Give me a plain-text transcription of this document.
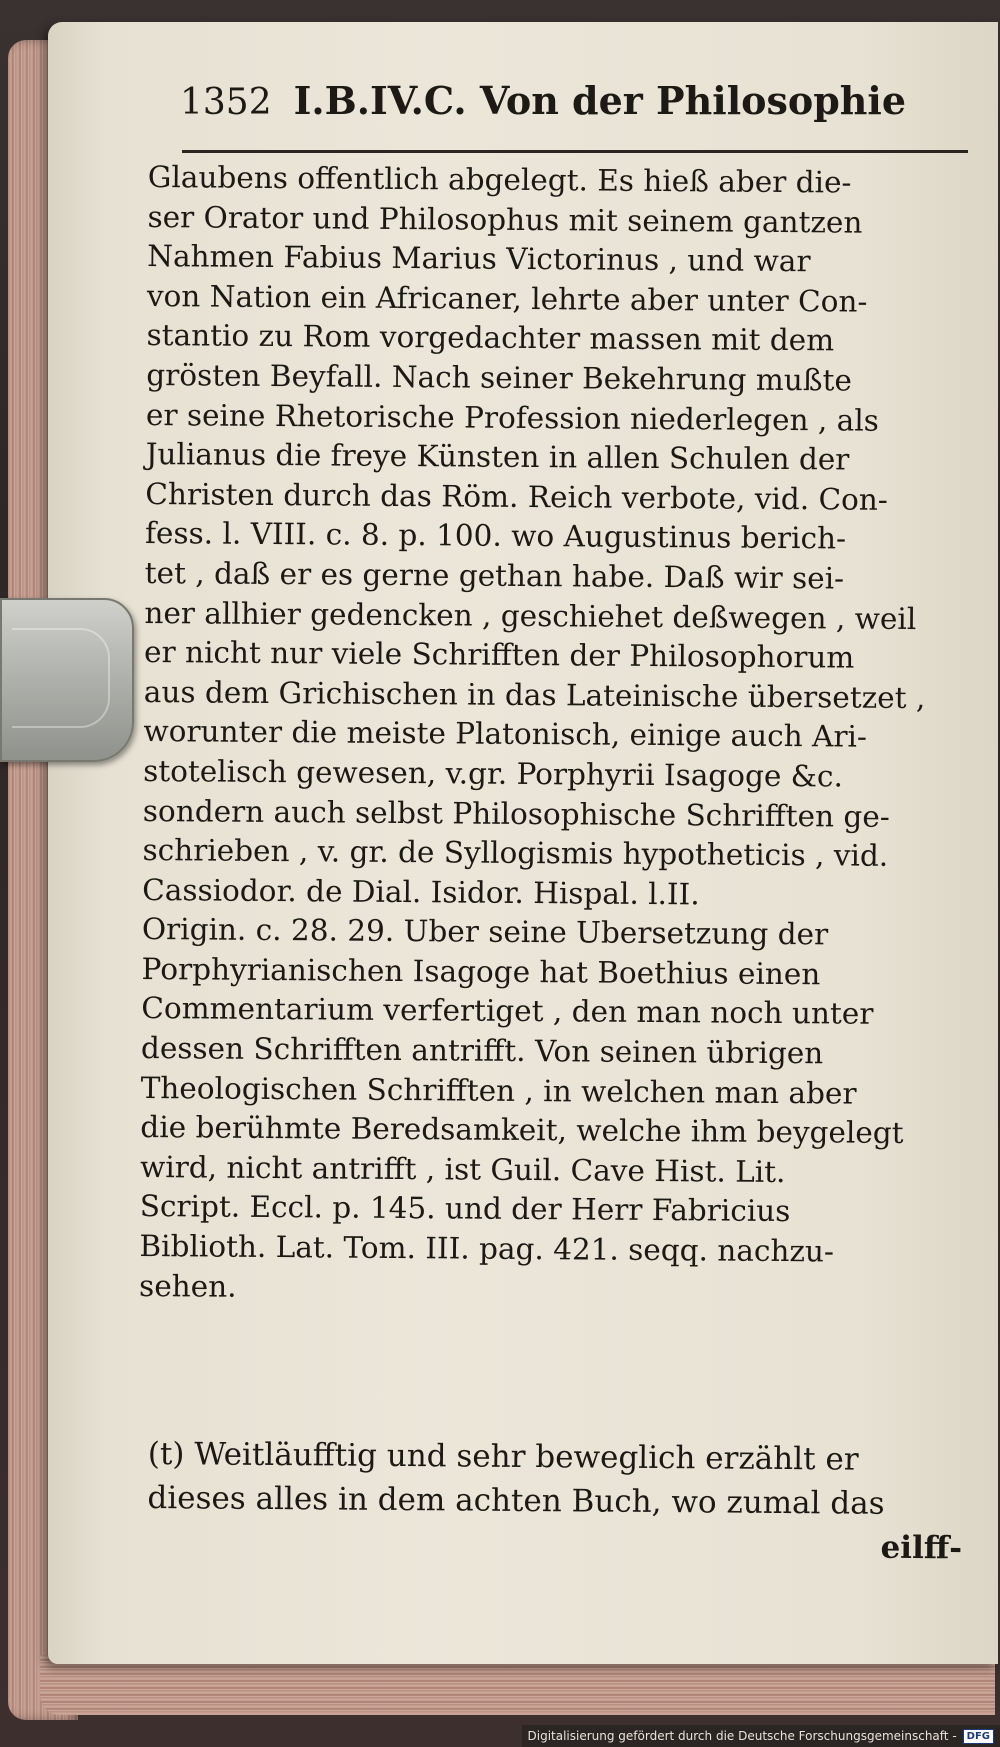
1352 I.B.IV.C. Von der Philosophie
Glaubens offentlich abgelegt. Es hieß aber die-
ser Orator und Philosophus mit seinem gantzen
Nahmen Fabius Marius Victorinus , und war
von Nation ein Africaner, lehrte aber unter Con-
stantio zu Rom vorgedachter massen mit dem
grösten Beyfall. Nach seiner Bekehrung mußte
er seine Rhetorische Profession niederlegen , als
Julianus die freye Künsten in allen Schulen der
Christen durch das Röm. Reich verbote, vid. Con-
fess. l. VIII. c. 8. p. 100. wo Augustinus berich-
tet , daß er es gerne gethan habe. Daß wir sei-
ner allhier gedencken , geschiehet deßwegen , weil
er nicht nur viele Schrifften der Philosophorum
aus dem Grichischen in das Lateinische übersetzet ,
worunter die meiste Platonisch, einige auch Ari-
stotelisch gewesen, v.gr. Porphyrii Isagoge &c.
sondern auch selbst Philosophische Schrifften ge-
schrieben , v. gr. de Syllogismis hypotheticis , vid.
Cassiodor. de Dial. Isidor. Hispal. l.II.
Origin. c. 28. 29. Uber seine Ubersetzung der
Porphyrianischen Isagoge hat Boethius einen
Commentarium verfertiget , den man noch unter
dessen Schrifften antrifft. Von seinen übrigen
Theologischen Schrifften , in welchen man aber
die berühmte Beredsamkeit, welche ihm beygelegt
wird, nicht antrifft , ist Guil. Cave Hist. Lit.
Script. Eccl. p. 145. und der Herr Fabricius
Biblioth. Lat. Tom. III. pag. 421. seqq. nachzu-
sehen.
(t) Weitläufftig und sehr beweglich erzählt er
dieses alles in dem achten Buch, wo zumal das
eilff-
Digitalisierung gefördert durch die Deutsche Forschungsgemeinschaft -	DFG
